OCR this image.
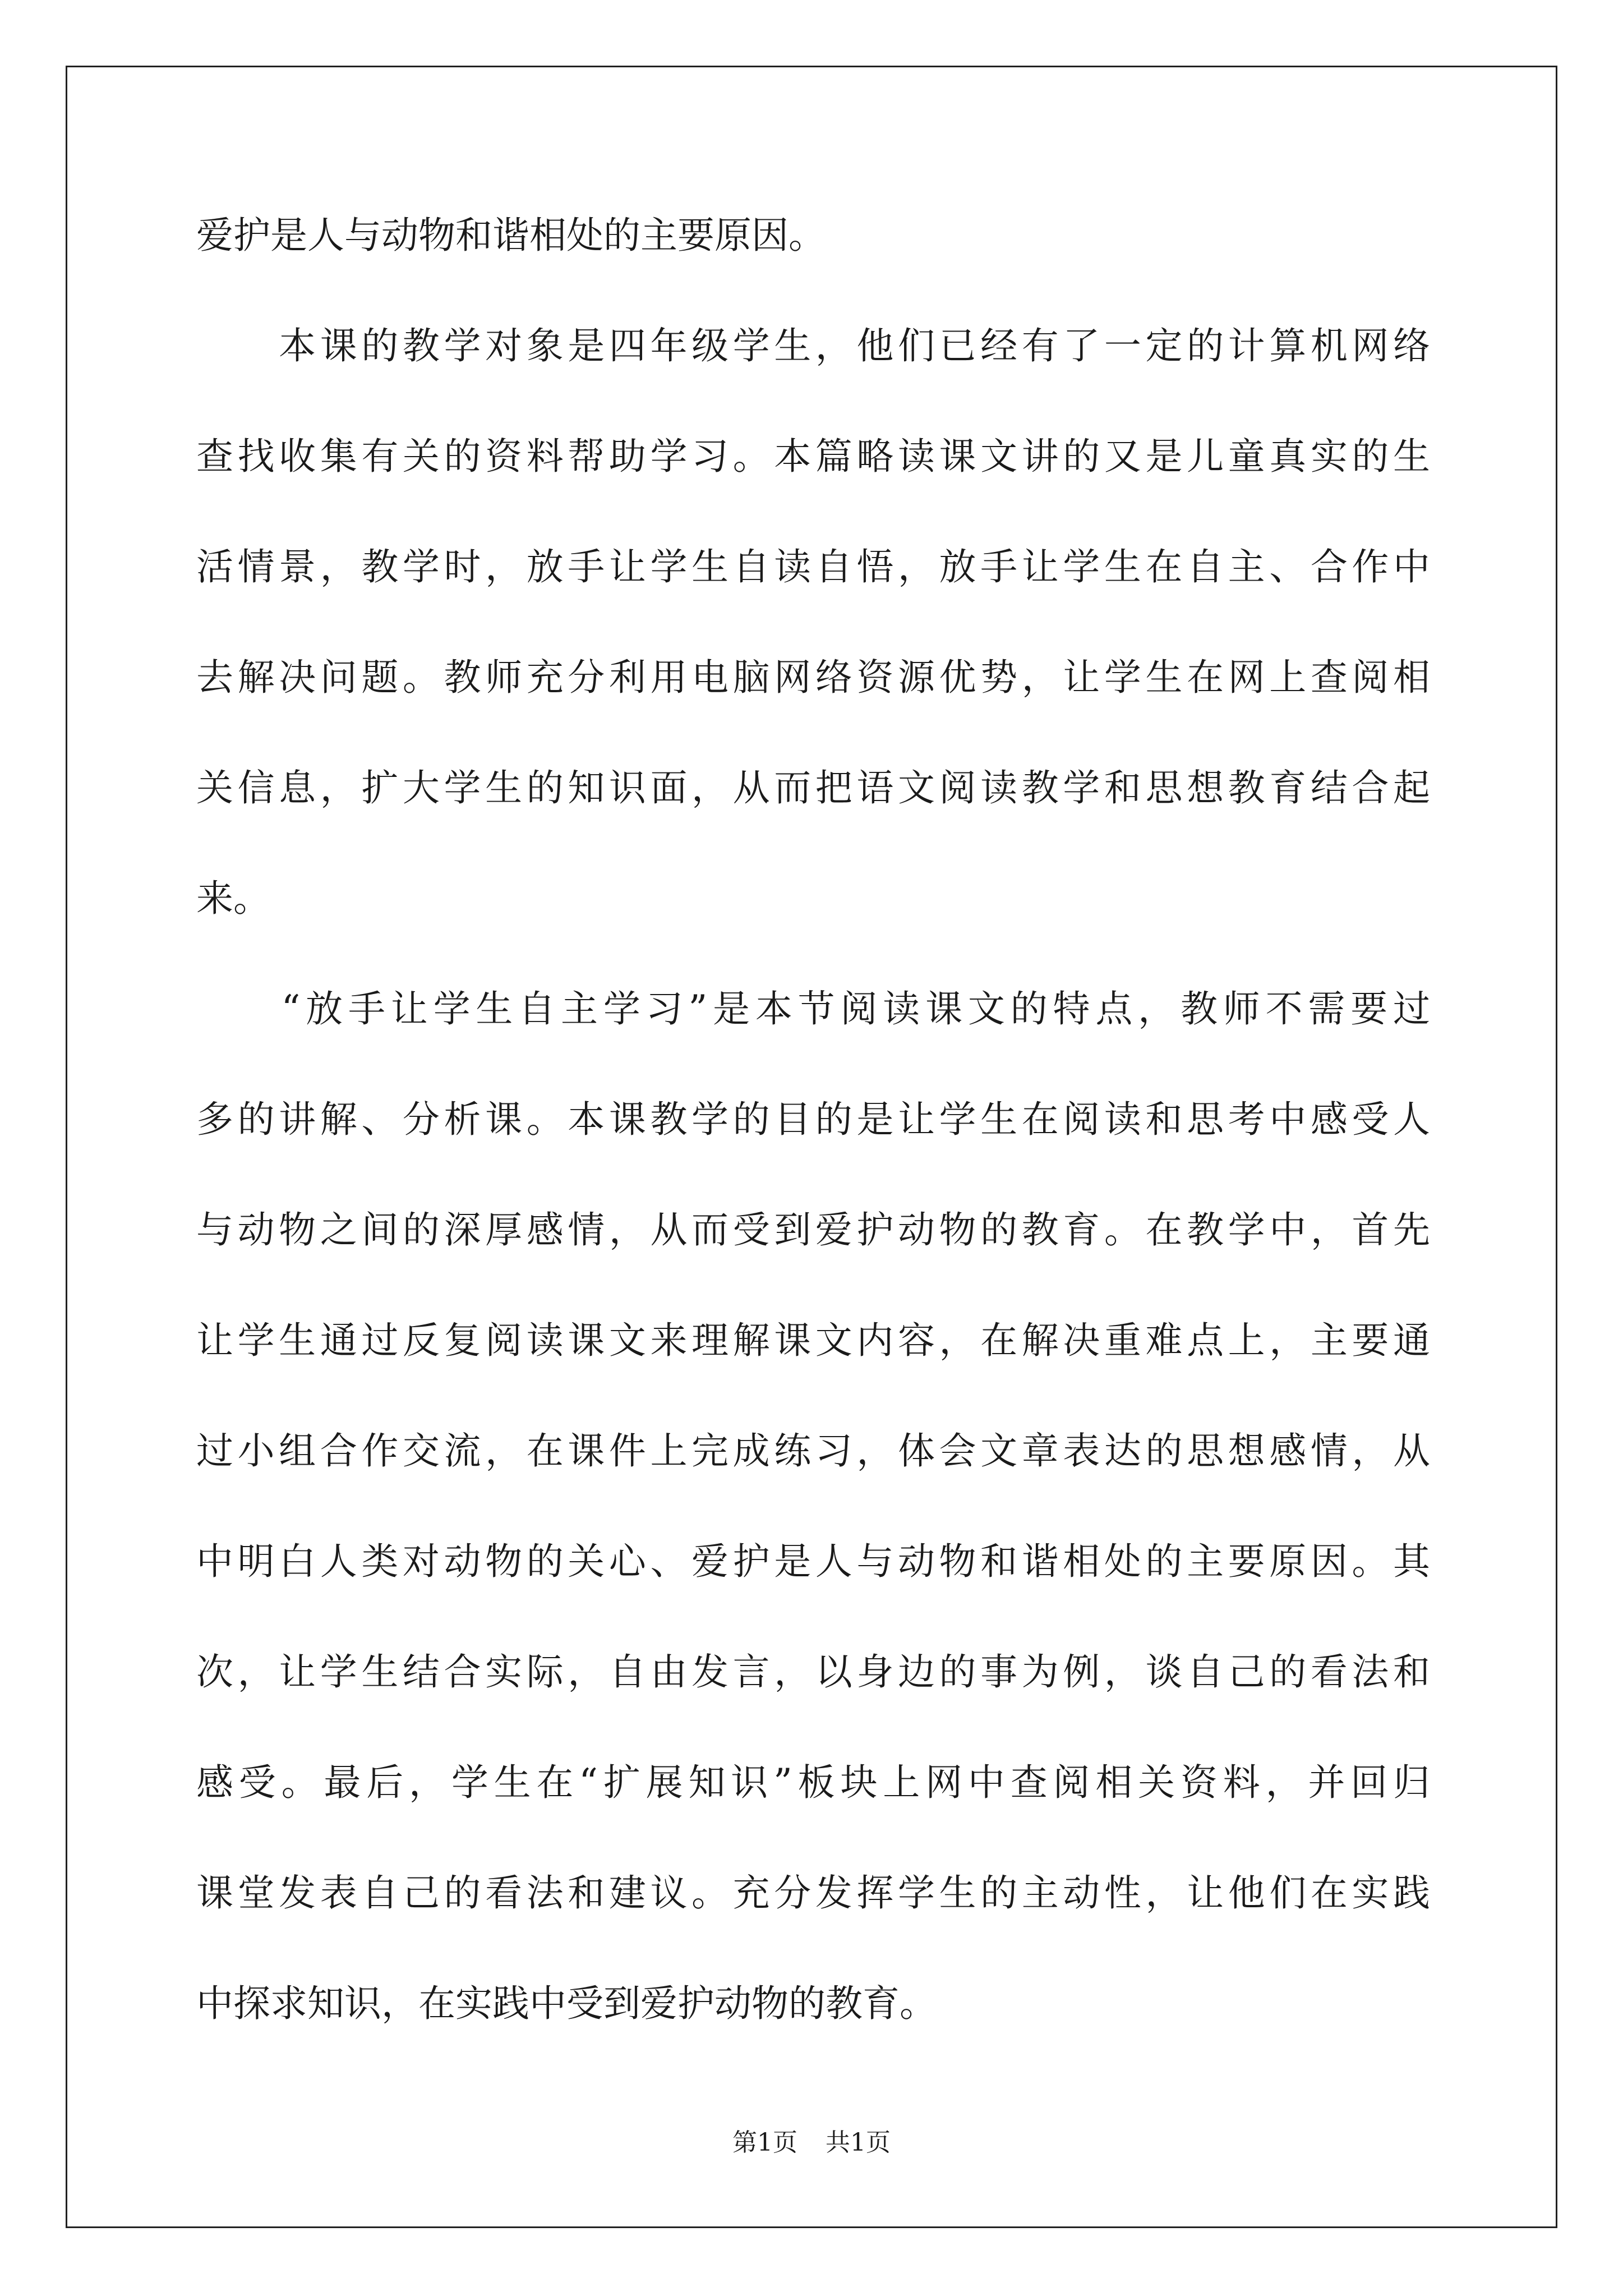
爱护是人与动物和谐相处的主要原因。
　　本课的教学对象是四年级学生，他们已经有了一定的计算机网络
查找收集有关的资料帮助学习。本篇略读课文讲的又是儿童真实的生
活情景，教学时，放手让学生自读自悟，放手让学生在自主、合作中
去解决问题。教师充分利用电脑网络资源优势，让学生在网上查阅相
关信息，扩大学生的知识面，从而把语文阅读教学和思想教育结合起
来。
　　“放手让学生自主学习”是本节阅读课文的特点，教师不需要过
多的讲解、分析课。本课教学的目的是让学生在阅读和思考中感受人
与动物之间的深厚感情，从而受到爱护动物的教育。在教学中，首先
让学生通过反复阅读课文来理解课文内容，在解决重难点上，主要通
过小组合作交流，在课件上完成练习，体会文章表达的思想感情，从
中明白人类对动物的关心、爱护是人与动物和谐相处的主要原因。其
次，让学生结合实际，自由发言，以身边的事为例，谈自己的看法和
感受。最后，学生在“扩展知识”板块上网中查阅相关资料，并回归
课堂发表自己的看法和建议。充分发挥学生的主动性，让他们在实践
中探求知识，在实践中受到爱护动物的教育。
第1页 共1页
